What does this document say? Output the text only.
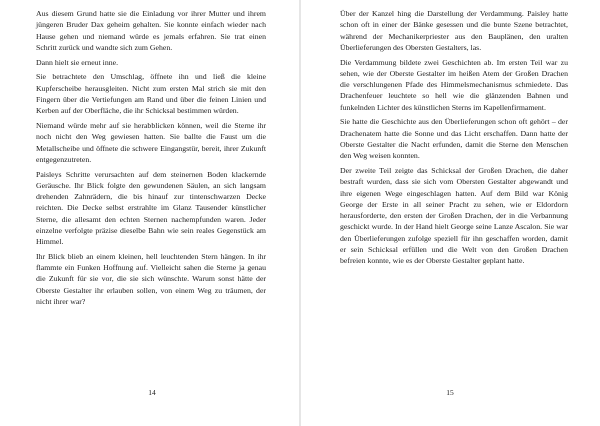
Aus diesem Grund hatte sie die Einladung vor ihrer Mutter und ihrem jüngeren Bruder Dax geheim gehalten. Sie konnte einfach wieder nach Hause gehen und niemand würde es jemals erfahren. Sie trat einen Schritt zurück und wandte sich zum Gehen.

Dann hielt sie erneut inne.

Sie betrachtete den Umschlag, öffnete ihn und ließ die kleine Kupferscheibe herausgleiten. Nicht zum ersten Mal strich sie mit den Fingern über die Vertiefungen am Rand und über die feinen Linien und Kerben auf der Oberfläche, die ihr Schicksal bestimmen würden.

Niemand würde mehr auf sie herabblicken können, weil die Sterne ihr noch nicht den Weg gewiesen hatten. Sie ballte die Faust um die Metallscheibe und öffnete die schwere Eingangstür, bereit, ihrer Zukunft entgegenzutreten.

Paisleys Schritte verursachten auf dem steinernen Boden klackernde Geräusche. Ihr Blick folgte den gewundenen Säulen, an sich langsam drehenden Zahnrädern, die bis hinauf zur tintenschwarzen Decke reichten. Die Decke selbst erstrahlte im Glanz Tausender künstlicher Sterne, die allesamt den echten Sternen nachempfunden waren. Jeder einzelne verfolgte präzise dieselbe Bahn wie sein reales Gegenstück am Himmel.

Ihr Blick blieb an einem kleinen, hell leuchtenden Stern hängen. In ihr flammte ein Funken Hoffnung auf. Vielleicht sahen die Sterne ja genau die Zukunft für sie vor, die sie sich wünschte. Warum sonst hätte der Oberste Gestalter ihr erlauben sollen, von einem Weg zu träumen, der nicht ihrer war?

14

Über der Kanzel hing die Darstellung der Verdammung. Paisley hatte schon oft in einer der Bänke gesessen und die bunte Szene betrachtet, während der Mechanikerpriester aus den Bauplänen, den uralten Überlieferungen des Obersten Gestalters, las.

Die Verdammung bildete zwei Geschichten ab. Im ersten Teil war zu sehen, wie der Oberste Gestalter im heißen Atem der Großen Drachen die verschlungenen Pfade des Himmelsmechanismus schmiedete. Das Drachenfeuer leuchtete so hell wie die glänzenden Bahnen und funkelnden Lichter des künstlichen Sterns im Kapellenfirmament.

Sie hatte die Geschichte aus den Überlieferungen schon oft gehört – der Drachenatem hatte die Sonne und das Licht erschaffen. Dann hatte der Oberste Gestalter die Nacht erfunden, damit die Sterne den Menschen den Weg weisen konnten.

Der zweite Teil zeigte das Schicksal der Großen Drachen, die daher bestraft wurden, dass sie sich vom Obersten Gestalter abgewandt und ihre eigenen Wege eingeschlagen hatten. Auf dem Bild war König George der Erste in all seiner Pracht zu sehen, wie er Eldordorn herausforderte, den ersten der Großen Drachen, der in die Verbannung geschickt wurde. In der Hand hielt George seine Lanze Ascalon. Sie war den Überlieferungen zufolge speziell für ihn geschaffen worden, damit er sein Schicksal erfüllen und die Welt von den Großen Drachen befreien konnte, wie es der Oberste Gestalter geplant hatte.

15
